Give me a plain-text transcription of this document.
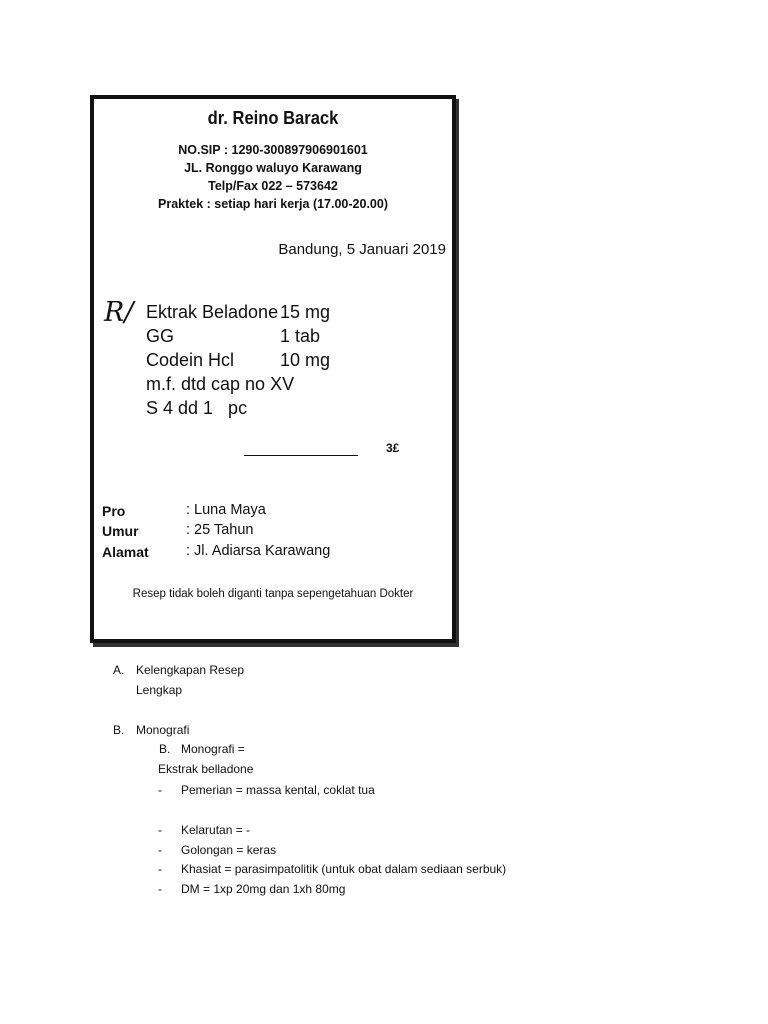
dr. Reino Barack
NO.SIP : 1290-300897906901601
JL. Ronggo waluyo Karawang
Telp/Fax 022 – 573642
Praktek : setiap hari kerja (17.00-20.00)
Bandung, 5 Januari 2019
R/ Ektrak Beladone 15 mg
GG	1 tab
Codein Hcl	10 mg
m.f. dtd cap no XV
S 4 dd 1   pc
3£
Pro	: Luna Maya
Umur	: 25 Tahun
Alamat	: Jl. Adiarsa Karawang
Resep tidak boleh diganti tanpa sepengetahuan Dokter
A. Kelengkapan Resep
Lengkap
B. Monografi
B. Monografi =
Ekstrak belladone
- Pemerian = massa kental, coklat tua
- Kelarutan = -
- Golongan = keras
- Khasiat = parasimpatolitik (untuk obat dalam sediaan serbuk)
- DM = 1xp 20mg dan 1xh 80mg
